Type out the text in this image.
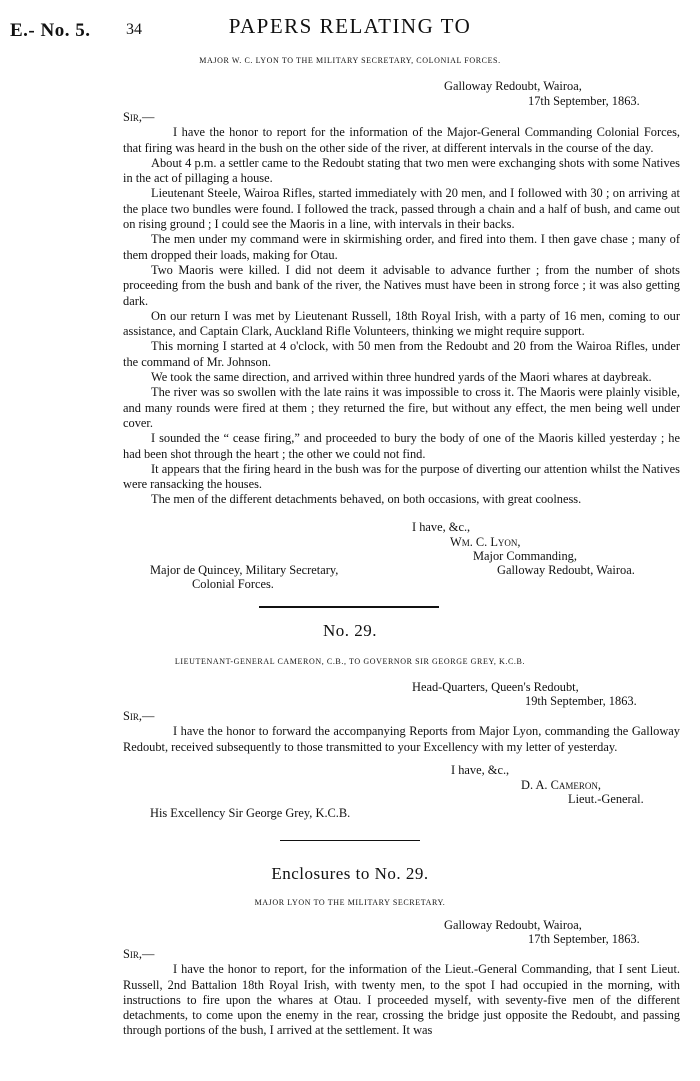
E.- No. 5. 34	PAPERS RELATING TO
MAJOR W. C. LYON TO THE MILITARY SECRETARY, COLONIAL FORCES.
Galloway Redoubt, Wairoa,
17th September, 1863.

Sir,—

I have the honor to report for the information of the Major-General Commanding Colonial Forces, that firing was heard in the bush on the other side of the river, at different intervals in the course of the day.

About 4 p.m. a settler came to the Redoubt stating that two men were exchanging shots with some Natives in the act of pillaging a house.

Lieutenant Steele, Wairoa Rifles, started immediately with 20 men, and I followed with 30 ; on arriving at the place two bundles were found. I followed the track, passed through a chain and a half of bush, and came out on rising ground ; I could see the Maoris in a line, with intervals in their backs.

The men under my command were in skirmishing order, and fired into them. I then gave chase ; many of them dropped their loads, making for Otau.

Two Maoris were killed. I did not deem it advisable to advance further ; from the number of shots proceeding from the bush and bank of the river, the Natives must have been in strong force ; it was also getting dark.

On our return I was met by Lieutenant Russell, 18th Royal Irish, with a party of 16 men, coming to our assistance, and Captain Clark, Auckland Rifle Volunteers, thinking we might require support.

This morning I started at 4 o'clock, with 50 men from the Redoubt and 20 from the Wairoa Rifles, under the command of Mr. Johnson.

We took the same direction, and arrived within three hundred yards of the Maori whares at daybreak.

The river was so swollen with the late rains it was impossible to cross it. The Maoris were plainly visible, and many rounds were fired at them ; they returned the fire, but without any effect, the men being well under cover.

I sounded the “ cease firing,” and proceeded to bury the body of one of the Maoris killed yesterday ; he had been shot through the heart ; the other we could not find.

It appears that the firing heard in the bush was for the purpose of diverting our attention whilst the Natives were ransacking the houses.

The men of the different detachments behaved, on both occasions, with great coolness.

I have, &c.,
Wm. C. Lyon,
Major Commanding,
Galloway Redoubt, Wairoa.
Major de Quincey, Military Secretary,
Colonial Forces.
No. 29.
LIEUTENANT-GENERAL CAMERON, C.B., TO GOVERNOR SIR GEORGE GREY, K.C.B.
Head-Quarters, Queen's Redoubt,
19th September, 1863.

Sir,—

I have the honor to forward the accompanying Reports from Major Lyon, commanding the Galloway Redoubt, received subsequently to those transmitted to your Excellency with my letter of yesterday.

I have, &c.,
D. A. Cameron,
Lieut.-General.
His Excellency Sir George Grey, K.C.B.
Enclosures to No. 29.
MAJOR LYON TO THE MILITARY SECRETARY.
Galloway Redoubt, Wairoa,
17th September, 1863.

Sir,—

I have the honor to report, for the information of the Lieut.-General Commanding, that I sent Lieut. Russell, 2nd Battalion 18th Royal Irish, with twenty men, to the spot I had occupied in the morning, with instructions to fire upon the whares at Otau. I proceeded myself, with seventy-five men of the different detachments, to come upon the enemy in the rear, crossing the bridge just opposite the Redoubt, and passing through portions of the bush, I arrived at the settlement. It was
